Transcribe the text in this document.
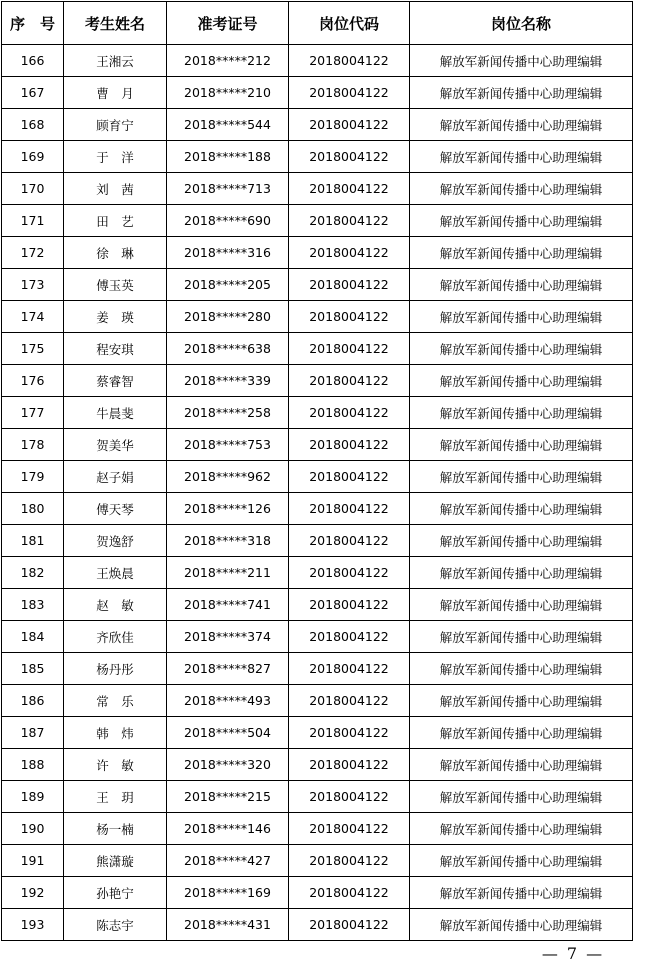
序　号	考生姓名	准考证号	岗位代码	岗位名称
166	王湘云	2018*****212	2018004122	解放军新闻传播中心助理编辑
167	曹　月	2018*****210	2018004122	解放军新闻传播中心助理编辑
168	顾育宁	2018*****544	2018004122	解放军新闻传播中心助理编辑
169	于　洋	2018*****188	2018004122	解放军新闻传播中心助理编辑
170	刘　茜	2018*****713	2018004122	解放军新闻传播中心助理编辑
171	田　艺	2018*****690	2018004122	解放军新闻传播中心助理编辑
172	徐　琳	2018*****316	2018004122	解放军新闻传播中心助理编辑
173	傅玉英	2018*****205	2018004122	解放军新闻传播中心助理编辑
174	姜　瑛	2018*****280	2018004122	解放军新闻传播中心助理编辑
175	程安琪	2018*****638	2018004122	解放军新闻传播中心助理编辑
176	蔡睿智	2018*****339	2018004122	解放军新闻传播中心助理编辑
177	牛晨斐	2018*****258	2018004122	解放军新闻传播中心助理编辑
178	贺美华	2018*****753	2018004122	解放军新闻传播中心助理编辑
179	赵子娟	2018*****962	2018004122	解放军新闻传播中心助理编辑
180	傅天琴	2018*****126	2018004122	解放军新闻传播中心助理编辑
181	贺逸舒	2018*****318	2018004122	解放军新闻传播中心助理编辑
182	王焕晨	2018*****211	2018004122	解放军新闻传播中心助理编辑
183	赵　敏	2018*****741	2018004122	解放军新闻传播中心助理编辑
184	齐欣佳	2018*****374	2018004122	解放军新闻传播中心助理编辑
185	杨丹彤	2018*****827	2018004122	解放军新闻传播中心助理编辑
186	常　乐	2018*****493	2018004122	解放军新闻传播中心助理编辑
187	韩　炜	2018*****504	2018004122	解放军新闻传播中心助理编辑
188	许　敏	2018*****320	2018004122	解放军新闻传播中心助理编辑
189	王　玥	2018*****215	2018004122	解放军新闻传播中心助理编辑
190	杨一楠	2018*****146	2018004122	解放军新闻传播中心助理编辑
191	熊潇璇	2018*****427	2018004122	解放军新闻传播中心助理编辑
192	孙艳宁	2018*****169	2018004122	解放军新闻传播中心助理编辑
193	陈志宇	2018*****431	2018004122	解放军新闻传播中心助理编辑
— 7 —
